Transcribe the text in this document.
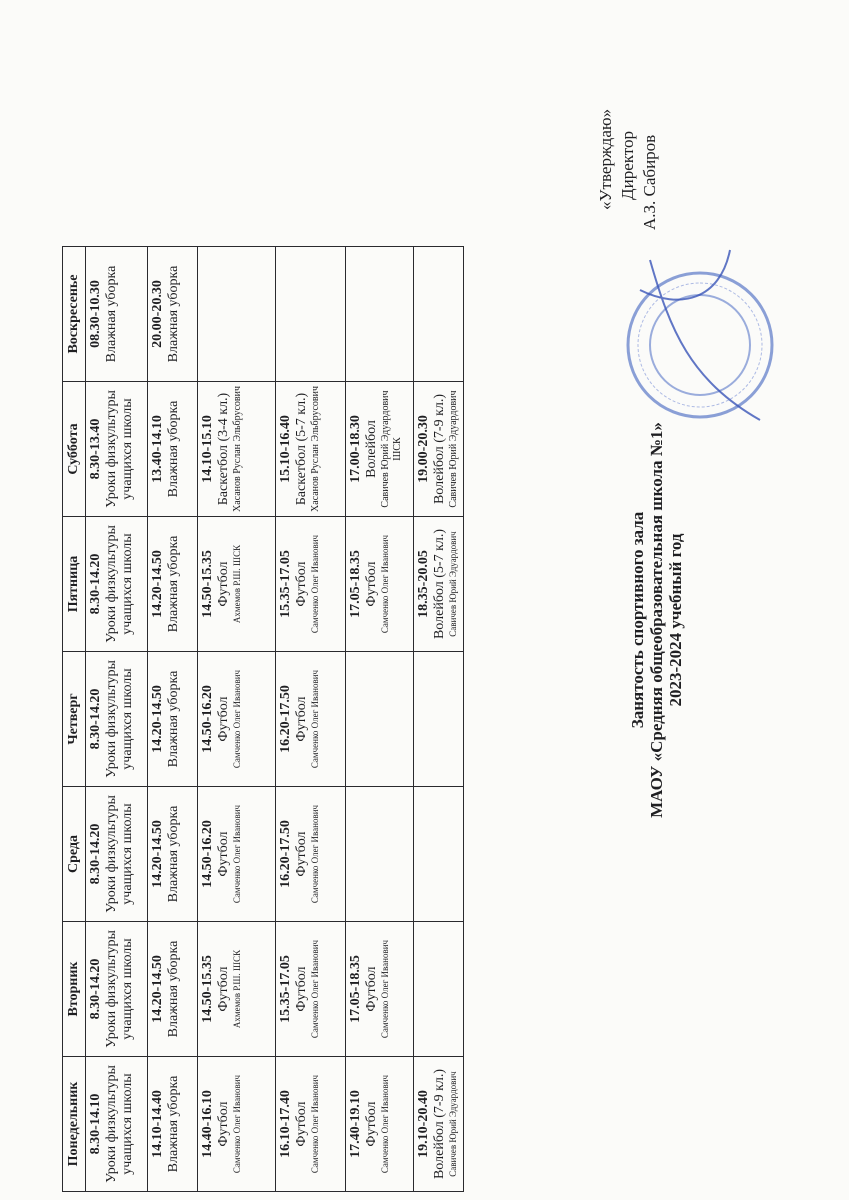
«Утверждаю» Директор А.З. Сабиров
Занятость спортивного зала МАОУ «Средняя общеобразовательная школа №1» 2023-2024 учебный год
Понедельник	Вторник	Среда	Четверг	Пятница	Суббота	Воскресенье

8.30-14.10 Уроки физкультуры учащихся школы	8.30-14.20 Уроки физкультуры учащихся школы	8.30-14.20 Уроки физкультуры учащихся школы	8.30-14.20 Уроки физкультуры учащихся школы	8.30-14.20 Уроки физкультуры учащихся школы	8.30-13.40 Уроки физкультуры учащихся школы	08.30-10.30 Влажная уборка

14.10-14.40 Влажная уборка	14.20-14.50 Влажная уборка	14.20-14.50 Влажная уборка	14.20-14.50 Влажная уборка	14.20-14.50 Влажная уборка	13.40-14.10 Влажная уборка	20.00-20.30 Влажная уборка

14.40-16.10 Футбол Самченко Олег Иванович	14.50-15.35 Футбол Ахмемов Р.Ш. ШСК	14.50-16.20 Футбол Самченко Олег Иванович	14.50-16.20 Футбол Самченко Олег Иванович	14.50-15.35 Футбол Ахмемов Р.Ш. ШСК	14.10-15.10 Баскетбол (3-4 кл.) Хасанов Руслан Эльбрусович	

16.10-17.40 Футбол Самченко Олег Иванович	15.35-17.05 Футбол Самченко Олег Иванович	16.20-17.50 Футбол Самченко Олег Иванович	16.20-17.50 Футбол Самченко Олег Иванович	15.35-17.05 Футбол Самченко Олег Иванович	15.10-16.40 Баскетбол (5-7 кл.) Хасанов Руслан Эльбрусович	

17.40-19.10 Футбол Самченко Олег Иванович	17.05-18.35 Футбол Самченко Олег Иванович			17.05-18.35 Футбол Самченко Олег Иванович	17.00-18.30 Волейбол Савичев Юрий Эдуардович ШСК	

19.10-20.40 Волейбол (7-9 кл.) Савичев Юрий Эдуардович				18.35-20.05 Волейбол (5-7 кл.) Савичев Юрий Эдуардович	19.00-20.30 Волейбол (7-9 кл.) Савичев Юрий Эдуардович	
